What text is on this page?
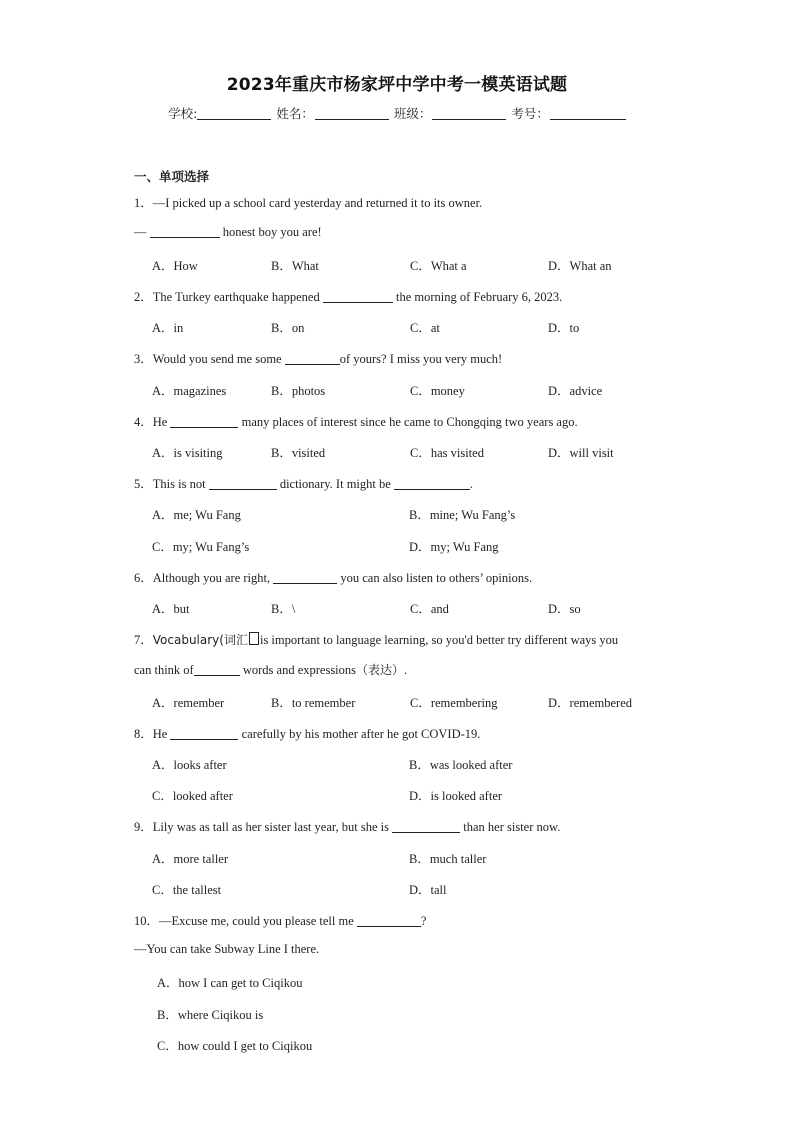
2023年重庆市杨家坪中学中考一模英语试题
学校:	姓名：	班级：	考号：
一、单项选择
1．—I picked up a school card yesterday and returned it to its owner.
—	honest boy you are!
A．How	B．What	C．What a	D．What an
2．The Turkey earthquake happened	the morning of February 6, 2023.
A．in	B．on	C．at	D．to
3．Would you send me some	of yours? I miss you very much!
A．magazines	B．photos	C．money	D．advice
4．He	many places of interest since he came to Chongqing two years ago.
A．is visiting	B．visited	C．has visited	D．will visit
5．This is not	dictionary. It might be	.
A．me; Wu Fang	B．mine; Wu Fang’s
C．my; Wu Fang’s	D．my; Wu Fang
6．Although you are right,	you can also listen to others’ opinions.
A．but	B．\	C．and	D．so
7．Vocabulary(词汇 is important to language learning, so you'd better try different ways you
can think of	words and expressions（表达）.
A．remember	B．to remember	C．remembering	D．remembered
8．He	carefully by his mother after he got COVID-19.
A．looks after	B．was looked after
C．looked after	D．is looked after
9．Lily was as tall as her sister last year, but she is	than her sister now.
A．more taller	B．much taller
C．the tallest	D．tall
10．—Excuse me, could you please tell me	?
—You can take Subway Line I there.
A．how I can get to Ciqikou
B．where Ciqikou is
C．how could I get to Ciqikou
